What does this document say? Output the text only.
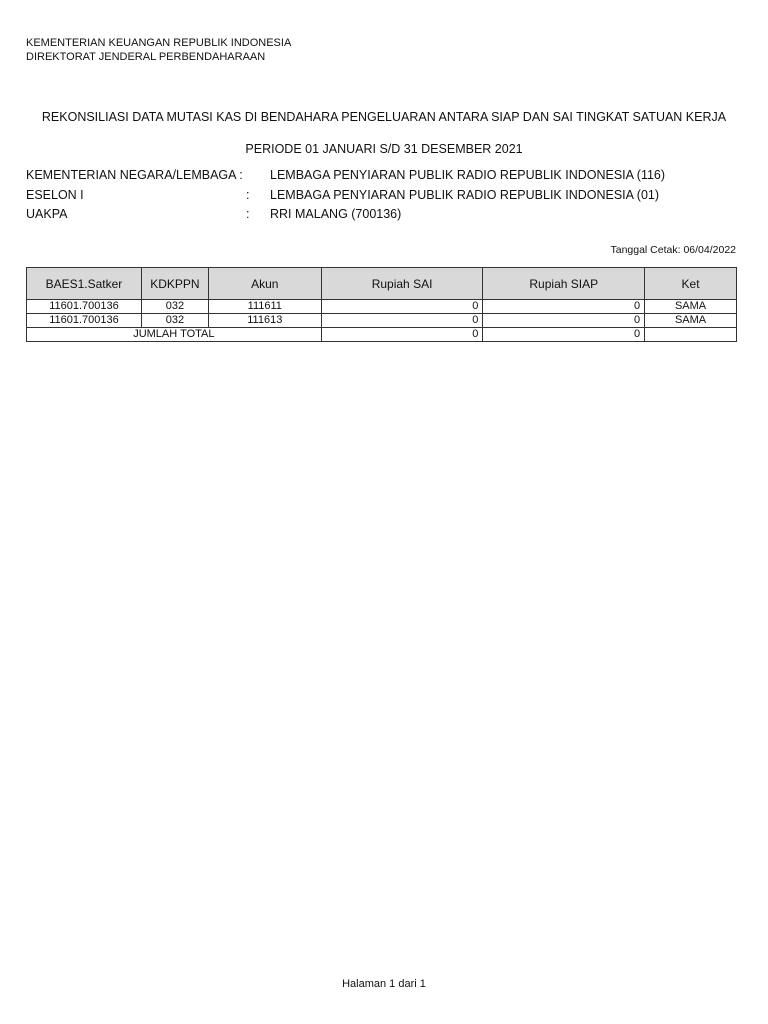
KEMENTERIAN KEUANGAN REPUBLIK INDONESIA
DIREKTORAT JENDERAL PERBENDAHARAAN
REKONSILIASI DATA MUTASI KAS DI BENDAHARA PENGELUARAN ANTARA SIAP DAN SAI TINGKAT SATUAN KERJA
PERIODE 01 JANUARI S/D 31 DESEMBER 2021
KEMENTERIAN NEGARA/LEMBAGA : LEMBAGA PENYIARAN PUBLIK RADIO REPUBLIK INDONESIA (116)
ESELON I	: LEMBAGA PENYIARAN PUBLIK RADIO REPUBLIK INDONESIA (01)
UAKPA	: RRI MALANG (700136)
Tanggal Cetak: 06/04/2022
BAES1.Satker	KDKPPN	Akun	Rupiah SAI	Rupiah SIAP	Ket
11601.700136	032	111611	0	0	SAMA
11601.700136	032	111613	0	0	SAMA
JUMLAH TOTAL			0	0	
Halaman 1 dari 1
